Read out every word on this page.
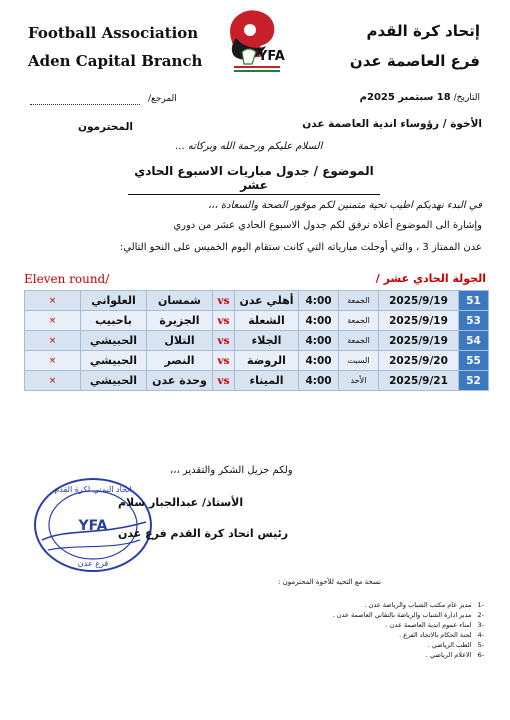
Football Association
Aden Capital Branch
إتحاد كرة القدم
فرع العاصمة عدن
YFA
التاريخ/ 18 سبتمبر 2025م
المرجع/
الأخوة / رؤوساء اندية العاصمة عدن
المحترمون
السلام عليكم ورحمة الله وبركاته ...
الموضوع / جدول مباريات الاسبوع الحادي عشر
في البدء نهديكم اطيب تحية متمنين لكم موفور الصحة والسعادة ،،،
وإشارة الى الموضوع أعلاه نرفق لكم جدول الاسبوع الحادي عشر من دوري
عدن الممتاز 3 ، والتي أوجلت مبارياته التي كانت ستقام اليوم الخميس على النحو التالي:
Eleven round/	الجولة الحادي عشر /
×	العلواني	شمسان	vs	أهلي عدن	4:00	الجمعة	2025/9/19	51
×	باحبيب	الجزيرة	vs	الشعلة	4:00	الجمعة	2025/9/19	53
×	الحبيشي	التلال	vs	الجلاء	4:00	الجمعة	2025/9/19	54
×	الحبيشي	النصر	vs	الروضة	4:00	السبت	2025/9/20	55
×	الحبيشي	وحدة عدن	vs	الميناء	4:00	الأحد	2025/9/21	52
ولكم جزيل الشكر والتقدير ،،،
اتحاد اليمني لكرة القدم
YFA
فرع عدن
الأستاذ/ عبدالجبار سلام
رئيس اتحاد كرة القدم فرع عدن
نسخة مع التحيه للأخوة المحترمون :
مدير عام مكتب الشباب والرياضة عدن . 1-
مدير ادارة الشباب والرياضة بالتقاني العاصمة عدن . 2-
امناء عموم اندية العاصمة عدن . 3-
لجنة الحكام بالاتحاد الفرع . 4-
الطب الرياضي . 5-
الاعلام الرياضي . 6-
